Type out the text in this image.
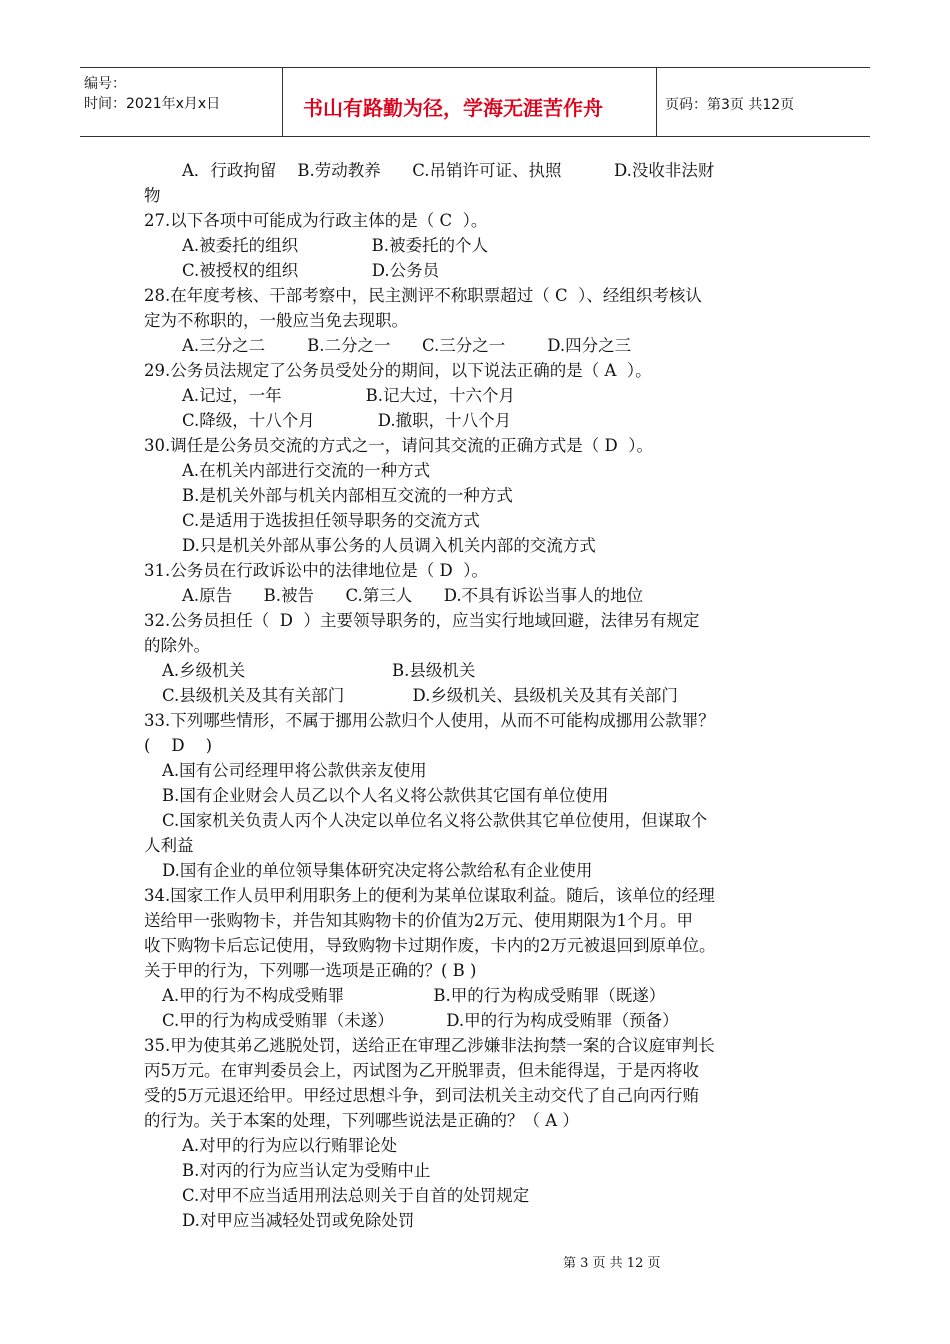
编号：
时间：2021年x月x日	书山有路勤为径，学海无涯苦作舟	页码：第3页 共12页
A．行政拘留    B.劳动教养      C.吊销许可证、执照          D.没收非法财
物
27.以下各项中可能成为行政主体的是（ C  ）。
A.被委托的组织              B.被委托的个人
C.被授权的组织              D.公务员
28.在年度考核、干部考察中，民主测评不称职票超过（ C  ）、经组织考核认
定为不称职的，一般应当免去现职。
A.三分之二        B.二分之一      C.三分之一        D.四分之三
29.公务员法规定了公务员受处分的期间，以下说法正确的是（ A  ）。
A.记过，一年                B.记大过，十六个月
C.降级，十八个月            D.撤职，十八个月
30.调任是公务员交流的方式之一，请问其交流的正确方式是（ D  ）。
A.在机关内部进行交流的一种方式
B.是机关外部与机关内部相互交流的一种方式
C.是适用于选拔担任领导职务的交流方式
D.只是机关外部从事公务的人员调入机关内部的交流方式
31.公务员在行政诉讼中的法律地位是（ D  ）。
A.原告      B.被告      C.第三人      D.不具有诉讼当事人的地位
32.公务员担任（  D  ）主要领导职务的，应当实行地域回避，法律另有规定
的除外。
A.乡级机关                            B.县级机关
C.县级机关及其有关部门             D.乡级机关、县级机关及其有关部门
33.下列哪些情形，不属于挪用公款归个人使用，从而不可能构成挪用公款罪？
(    D    )
A.国有公司经理甲将公款供亲友使用
B.国有企业财会人员乙以个人名义将公款供其它国有单位使用
C.国家机关负责人丙个人决定以单位名义将公款供其它单位使用，但谋取个
人利益
D.国有企业的单位领导集体研究决定将公款给私有企业使用
34.国家工作人员甲利用职务上的便利为某单位谋取利益。随后，该单位的经理
送给甲一张购物卡，并告知其购物卡的价值为2万元、使用期限为1个月。甲
收下购物卡后忘记使用，导致购物卡过期作废，卡内的2万元被退回到原单位。
关于甲的行为，下列哪一选项是正确的？( B )
A.甲的行为不构成受贿罪                 B.甲的行为构成受贿罪（既遂）
C.甲的行为构成受贿罪（未遂）          D.甲的行为构成受贿罪（预备）
35.甲为使其弟乙逃脱处罚，送给正在审理乙涉嫌非法拘禁一案的合议庭审判长
丙5万元。在审判委员会上，丙试图为乙开脱罪责，但未能得逞，于是丙将收
受的5万元退还给甲。甲经过思想斗争，到司法机关主动交代了自己向丙行贿
的行为。关于本案的处理，下列哪些说法是正确的？（ A ）
A.对甲的行为应以行贿罪论处
B.对丙的行为应当认定为受贿中止
C.对甲不应当适用刑法总则关于自首的处罚规定
D.对甲应当减轻处罚或免除处罚
第 3 页 共 12 页
